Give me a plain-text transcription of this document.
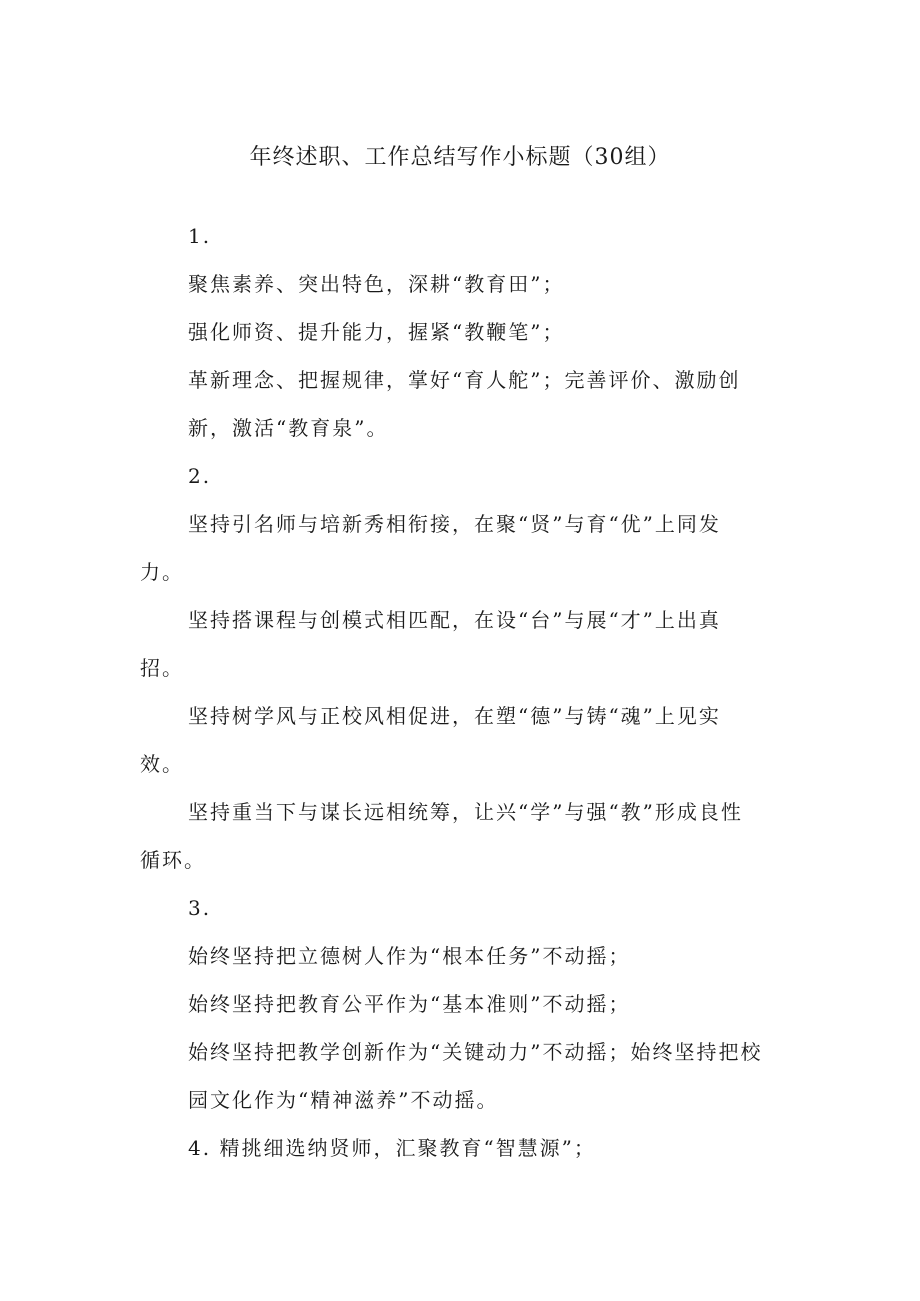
年终述职、工作总结写作小标题（30组）

1.

聚焦素养、突出特色，深耕“教育田”；

强化师资、提升能力，握紧“教鞭笔”；

革新理念、把握规律，掌好“育人舵”；完善评价、激励创

新，激活“教育泉”。

2.

坚持引名师与培新秀相衔接，在聚“贤”与育“优”上同发

力。

坚持搭课程与创模式相匹配，在设“台”与展“才”上出真

招。

坚持树学风与正校风相促进，在塑“德”与铸“魂”上见实

效。

坚持重当下与谋长远相统筹，让兴“学”与强“教”形成良性

循环。

3.

始终坚持把立德树人作为“根本任务”不动摇；

始终坚持把教育公平作为“基本准则”不动摇；

始终坚持把教学创新作为“关键动力”不动摇；始终坚持把校

园文化作为“精神滋养”不动摇。

4. 精挑细选纳贤师，汇聚教育“智慧源”；
